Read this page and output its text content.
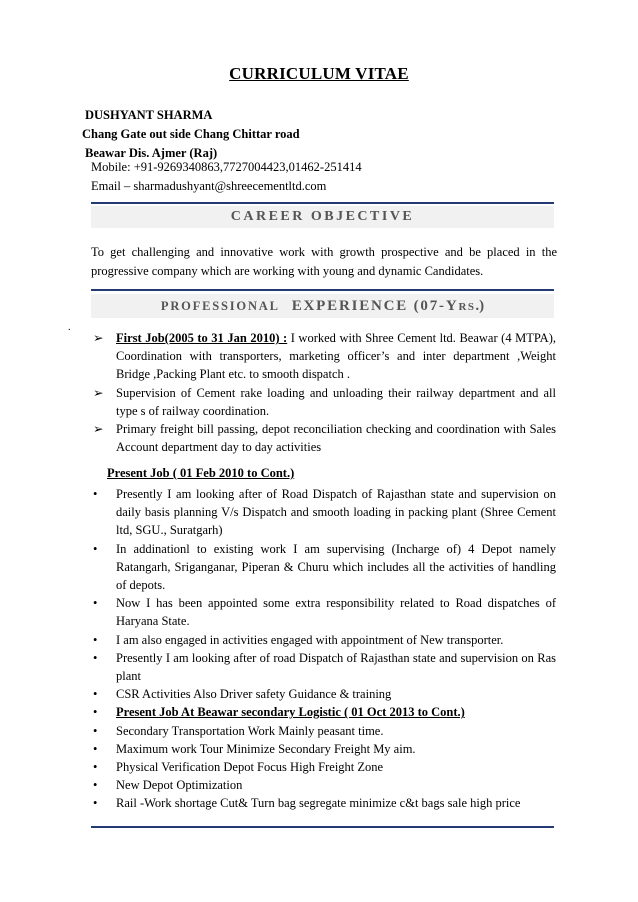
CURRICULUM VITAE
DUSHYANT SHARMA
Chang Gate out side Chang Chittar road
Beawar Dis. Ajmer (Raj)
Mobile: +91-9269340863,7727004423,01462-251414
Email – sharmadushyant@shreecementltd.com
CAREER OBJECTIVE
To get challenging and innovative work with growth prospective and be placed in the progressive company which are working with young and dynamic Candidates.
PROFESSIONAL EXPERIENCE (07-YRS.)
.
➢	First Job(2005 to 31 Jan 2010) : I worked with Shree Cement ltd. Beawar (4 MTPA), Coordination with transporters, marketing officer’s and inter department ,Weight Bridge ,Packing Plant etc. to smooth dispatch .
➢	Supervision of Cement rake loading and unloading their railway department and all type s of railway coordination.
➢	Primary freight bill passing, depot reconciliation checking and coordination with Sales Account department day to day activities
Present Job ( 01 Feb 2010 to Cont.)
•	Presently I am looking after of Road Dispatch of Rajasthan state and supervision on daily basis planning V/s Dispatch and smooth loading in packing plant (Shree Cement ltd, SGU., Suratgarh)
•	In addinationl to existing work I am supervising (Incharge of) 4 Depot namely Ratangarh, Sriganganar, Piperan & Churu which includes all the activities of handling of depots.
•	Now I has been appointed some extra responsibility related to Road dispatches of Haryana State.
•	I am also engaged in activities engaged with appointment of New transporter.
•	Presently I am looking after of road Dispatch of Rajasthan state and supervision on Ras plant
•	CSR Activities Also Driver safety Guidance & training
•	Present Job At Beawar secondary Logistic ( 01 Oct 2013 to Cont.)
•	Secondary Transportation Work Mainly peasant time.
•	Maximum work Tour Minimize Secondary Freight My aim.
•	Physical Verification Depot Focus High Freight Zone
•	New Depot Optimization
•	Rail -Work shortage Cut& Turn bag segregate minimize c&t bags sale high price
